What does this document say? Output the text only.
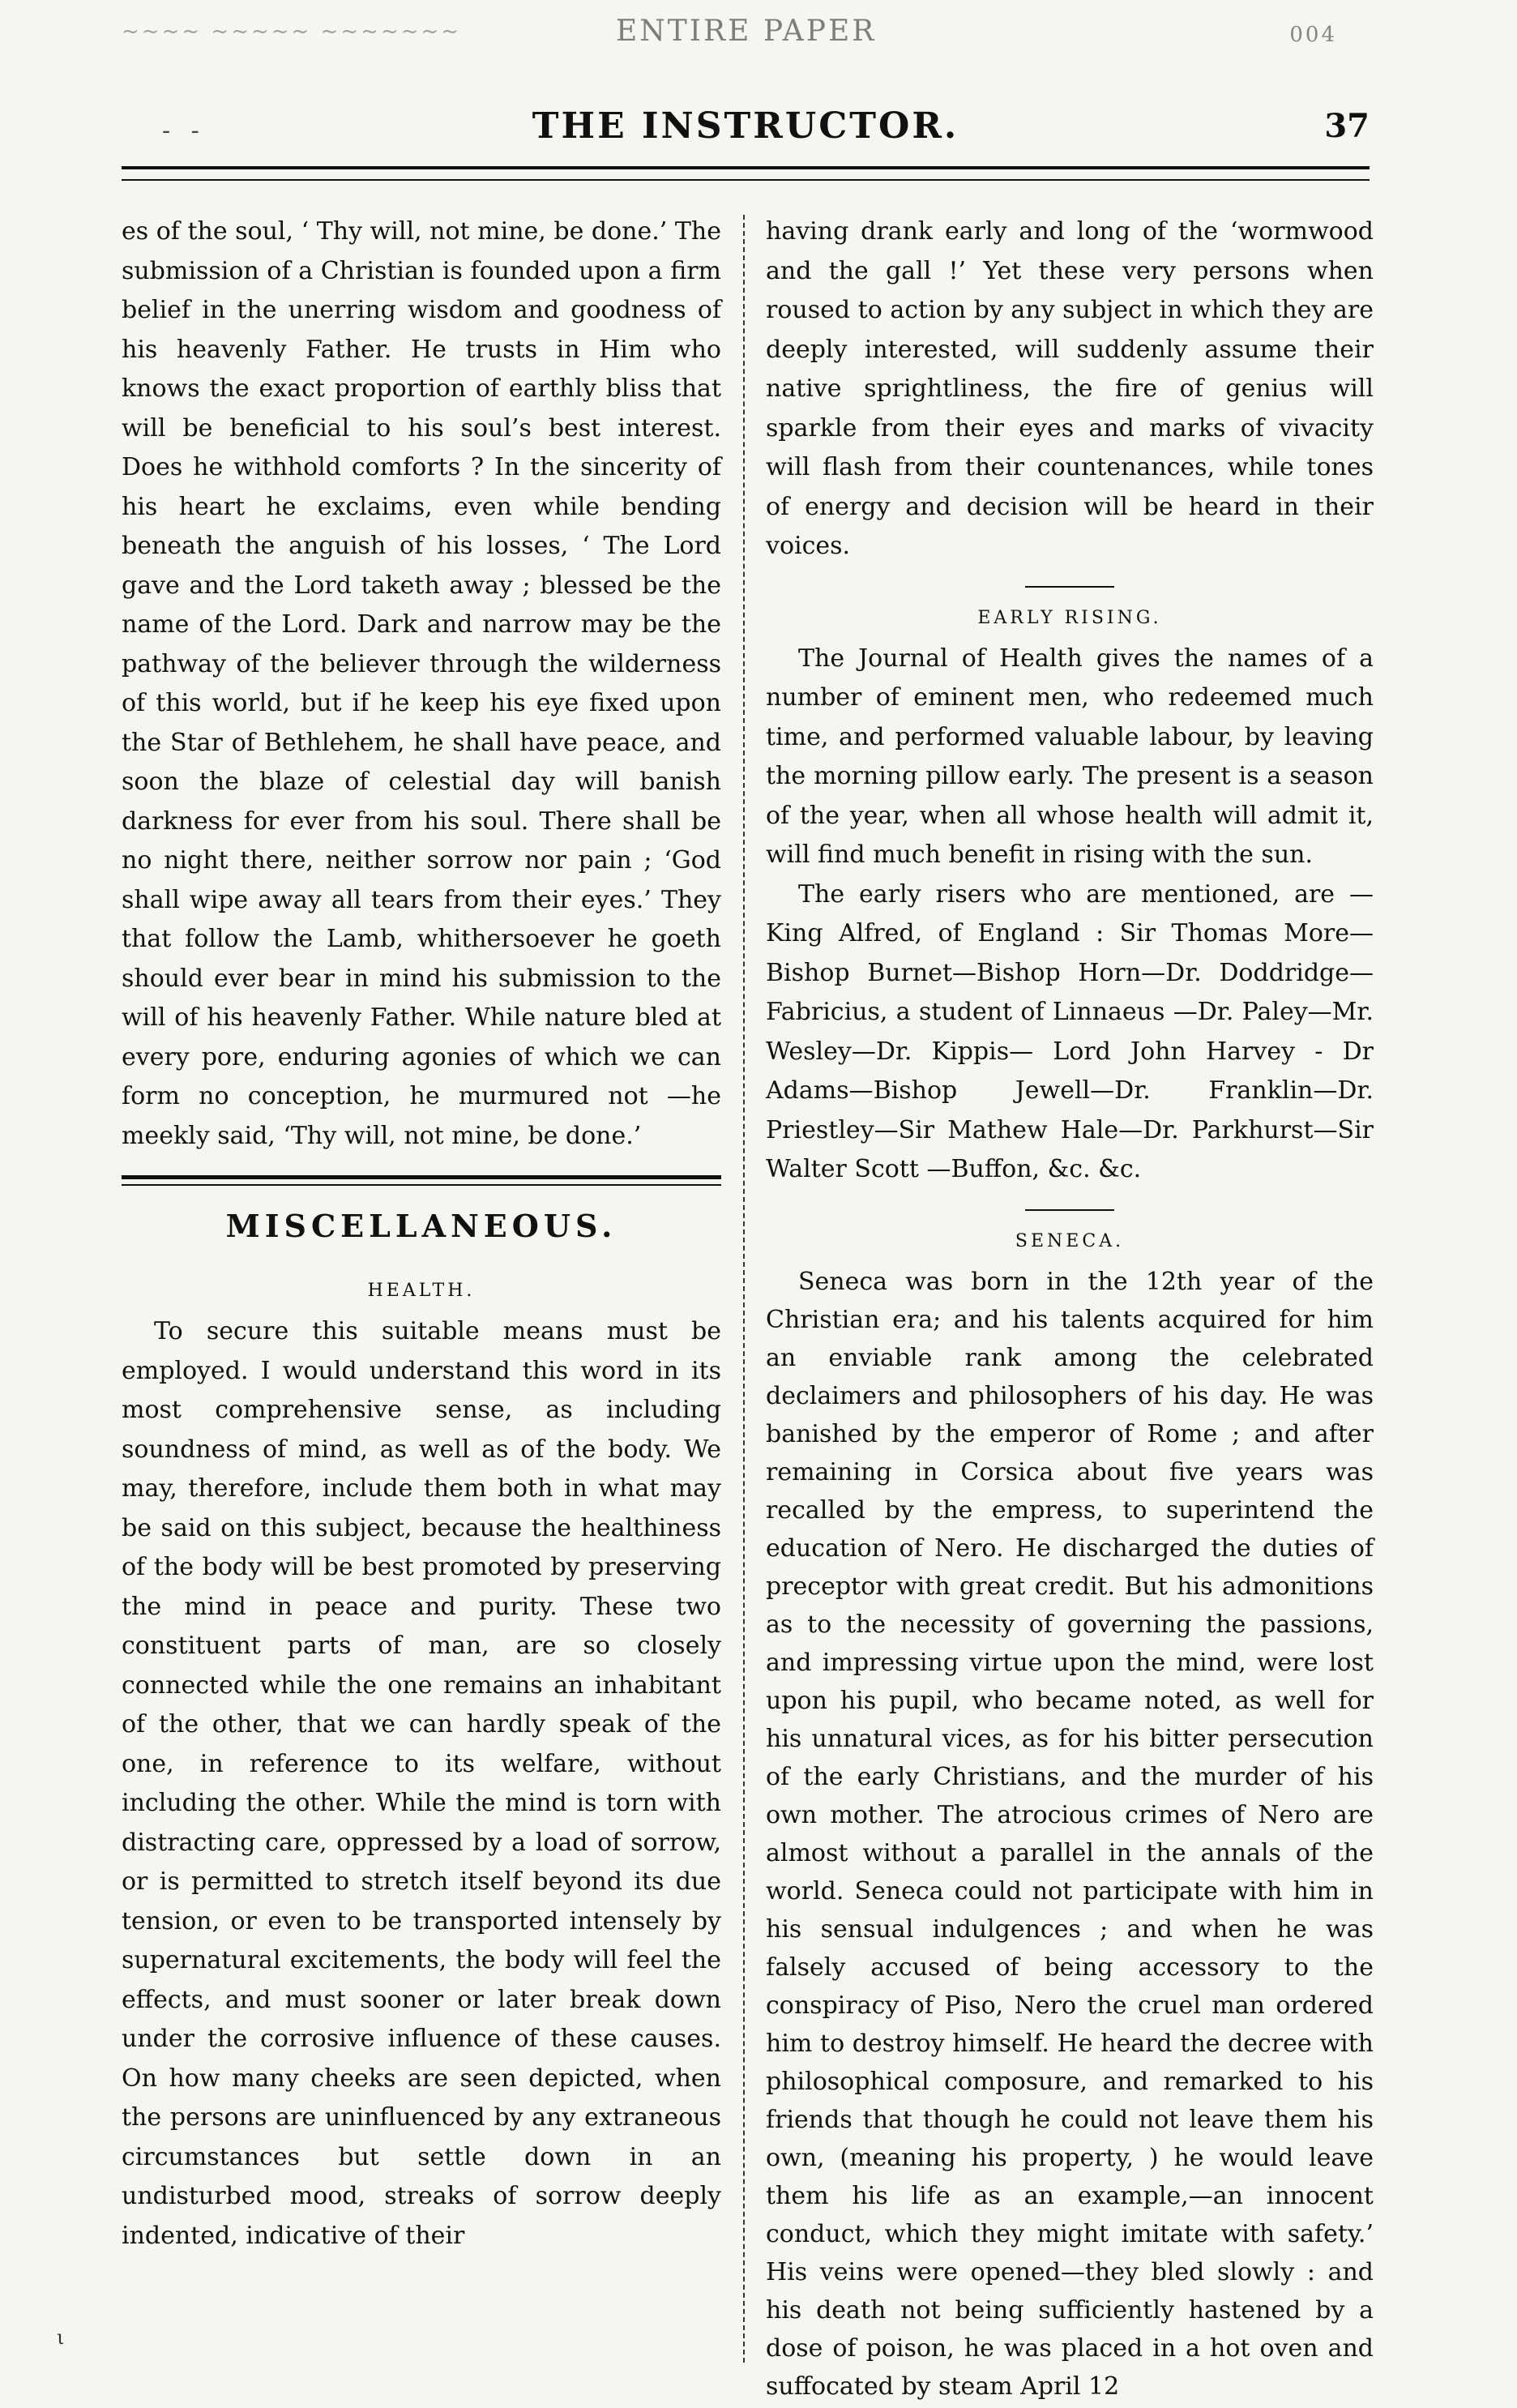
~~~~ ~~~~~ ~~~~~~~	ENTIRE PAPER	004
- -	THE INSTRUCTOR.	37

es of the soul, ‘ Thy will, not mine, be done.’ The submission of a Christian is founded upon a firm belief in the unerring wisdom and goodness of his heavenly Father. He trusts in Him who knows the exact proportion of earthly bliss that will be beneficial to his soul’s best interest. Does he withhold comforts ? In the sincerity of his heart he exclaims, even while bending beneath the anguish of his losses, ‘ The Lord gave and the Lord taketh away ; blessed be the name of the Lord. Dark and narrow may be the pathway of the believer through the wilderness of this world, but if he keep his eye fixed upon the Star of Bethlehem, he shall have peace, and soon the blaze of celestial day will banish darkness for ever from his soul. There shall be no night there, neither sorrow nor pain ; ‘God shall wipe away all tears from their eyes.’ They that follow the Lamb, whithersoever he goeth should ever bear in mind his submission to the will of his heavenly Father. While nature bled at every pore, enduring agonies of which we can form no conception, he murmured not —he meekly said, ‘Thy will, not mine, be done.’

MISCELLANEOUS.
HEALTH.

To secure this suitable means must be employed. I would understand this word in its most comprehensive sense, as including soundness of mind, as well as of the body. We may, therefore, include them both in what may be said on this subject, because the healthiness of the body will be best promoted by preserving the mind in peace and purity. These two constituent parts of man, are so closely connected while the one remains an inhabitant of the other, that we can hardly speak of the one, in reference to its welfare, without including the other. While the mind is torn with distracting care, oppressed by a load of sorrow, or is permitted to stretch itself beyond its due tension, or even to be transported intensely by supernatural excitements, the body will feel the effects, and must sooner or later break down under the corrosive influence of these causes. On how many cheeks are seen depicted, when the persons are uninfluenced by any extraneous circumstances but settle down in an undisturbed mood, streaks of sorrow deeply indented, indicative of their

having drank early and long of the ‘wormwood and the gall !’ Yet these very persons when roused to action by any subject in which they are deeply interested, will suddenly assume their native sprightliness, the fire of genius will sparkle from their eyes and marks of vivacity will flash from their countenances, while tones of energy and decision will be heard in their voices.

EARLY RISING.

The Journal of Health gives the names of a number of eminent men, who redeemed much time, and performed valuable labour, by leaving the morning pillow early. The present is a season of the year, when all whose health will admit it, will find much benefit in rising with the sun.

The early risers who are mentioned, are —King Alfred, of England : Sir Thomas More—Bishop Burnet—Bishop Horn—Dr. Doddridge—Fabricius, a student of Linnaeus —Dr. Paley—Mr. Wesley—Dr. Kippis— Lord John Harvey - Dr Adams—Bishop Jewell—Dr. Franklin—Dr. Priestley—Sir Mathew Hale—Dr. Parkhurst—Sir Walter Scott —Buffon, &c. &c.

SENECA.

Seneca was born in the 12th year of the Christian era; and his talents acquired for him an enviable rank among the celebrated declaimers and philosophers of his day. He was banished by the emperor of Rome ; and after remaining in Corsica about five years was recalled by the empress, to superintend the education of Nero. He discharged the duties of preceptor with great credit. But his admonitions as to the necessity of governing the passions, and impressing virtue upon the mind, were lost upon his pupil, who became noted, as well for his unnatural vices, as for his bitter persecution of the early Christians, and the murder of his own mother. The atrocious crimes of Nero are almost without a parallel in the annals of the world. Seneca could not participate with him in his sensual indulgences ; and when he was falsely accused of being accessory to the conspiracy of Piso, Nero the cruel man ordered him to destroy himself. He heard the decree with philosophical composure, and remarked to his friends that though he could not leave them his own, (meaning his property, ) he would leave them his life as an example,—an innocent conduct, which they might imitate with safety.’ His veins were opened—they bled slowly : and his death not being sufficiently hastened by a dose of poison, he was placed in a hot oven and suffocated by steam April 12

ι
